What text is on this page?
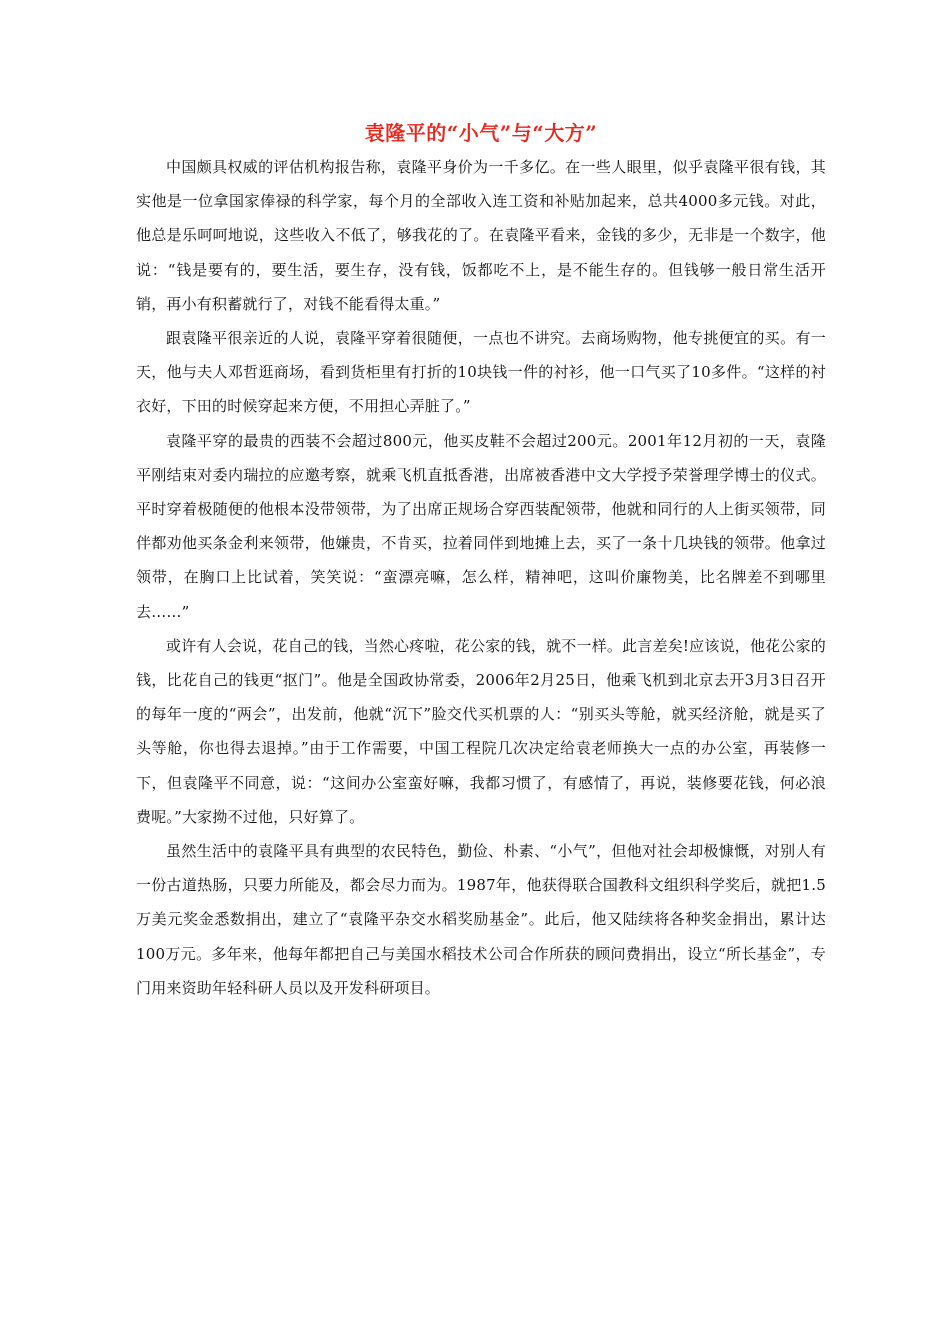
袁隆平的“小气”与“大方”

中国颇具权威的评估机构报告称，袁隆平身价为一千多亿。在一些人眼里，似乎袁隆平很有钱，其实他是一位拿国家俸禄的科学家，每个月的全部收入连工资和补贴加起来，总共4000多元钱。对此，他总是乐呵呵地说，这些收入不低了，够我花的了。在袁隆平看来，金钱的多少，无非是一个数字，他说：“钱是要有的，要生活，要生存，没有钱，饭都吃不上，是不能生存的。但钱够一般日常生活开销，再小有积蓄就行了，对钱不能看得太重。”

跟袁隆平很亲近的人说，袁隆平穿着很随便，一点也不讲究。去商场购物，他专挑便宜的买。有一天，他与夫人邓哲逛商场，看到货柜里有打折的10块钱一件的衬衫，他一口气买了10多件。“这样的衬衣好，下田的时候穿起来方便，不用担心弄脏了。”

袁隆平穿的最贵的西装不会超过800元，他买皮鞋不会超过200元。2001年12月初的一天，袁隆平刚结束对委内瑞拉的应邀考察，就乘飞机直抵香港，出席被香港中文大学授予荣誉理学博士的仪式。平时穿着极随便的他根本没带领带，为了出席正规场合穿西装配领带，他就和同行的人上街买领带，同伴都劝他买条金利来领带，他嫌贵，不肯买，拉着同伴到地摊上去，买了一条十几块钱的领带。他拿过领带，在胸口上比试着，笑笑说：“蛮漂亮嘛，怎么样，精神吧，这叫价廉物美，比名牌差不到哪里去……”

或许有人会说，花自己的钱，当然心疼啦，花公家的钱，就不一样。此言差矣!应该说，他花公家的钱，比花自己的钱更“抠门”。他是全国政协常委，2006年2月25日，他乘飞机到北京去开3月3日召开的每年一度的“两会”，出发前，他就“沉下”脸交代买机票的人：“别买头等舱，就买经济舱，就是买了头等舱，你也得去退掉。”由于工作需要，中国工程院几次决定给袁老师换大一点的办公室，再装修一下，但袁隆平不同意，说：“这间办公室蛮好嘛，我都习惯了，有感情了，再说，装修要花钱，何必浪费呢。”大家拗不过他，只好算了。

虽然生活中的袁隆平具有典型的农民特色，勤俭、朴素、“小气”，但他对社会却极慷慨，对别人有一份古道热肠，只要力所能及，都会尽力而为。1987年，他获得联合国教科文组织科学奖后，就把1.5万美元奖金悉数捐出，建立了“袁隆平杂交水稻奖励基金”。此后，他又陆续将各种奖金捐出，累计达100万元。多年来，他每年都把自己与美国水稻技术公司合作所获的顾问费捐出，设立“所长基金”，专门用来资助年轻科研人员以及开发科研项目。
